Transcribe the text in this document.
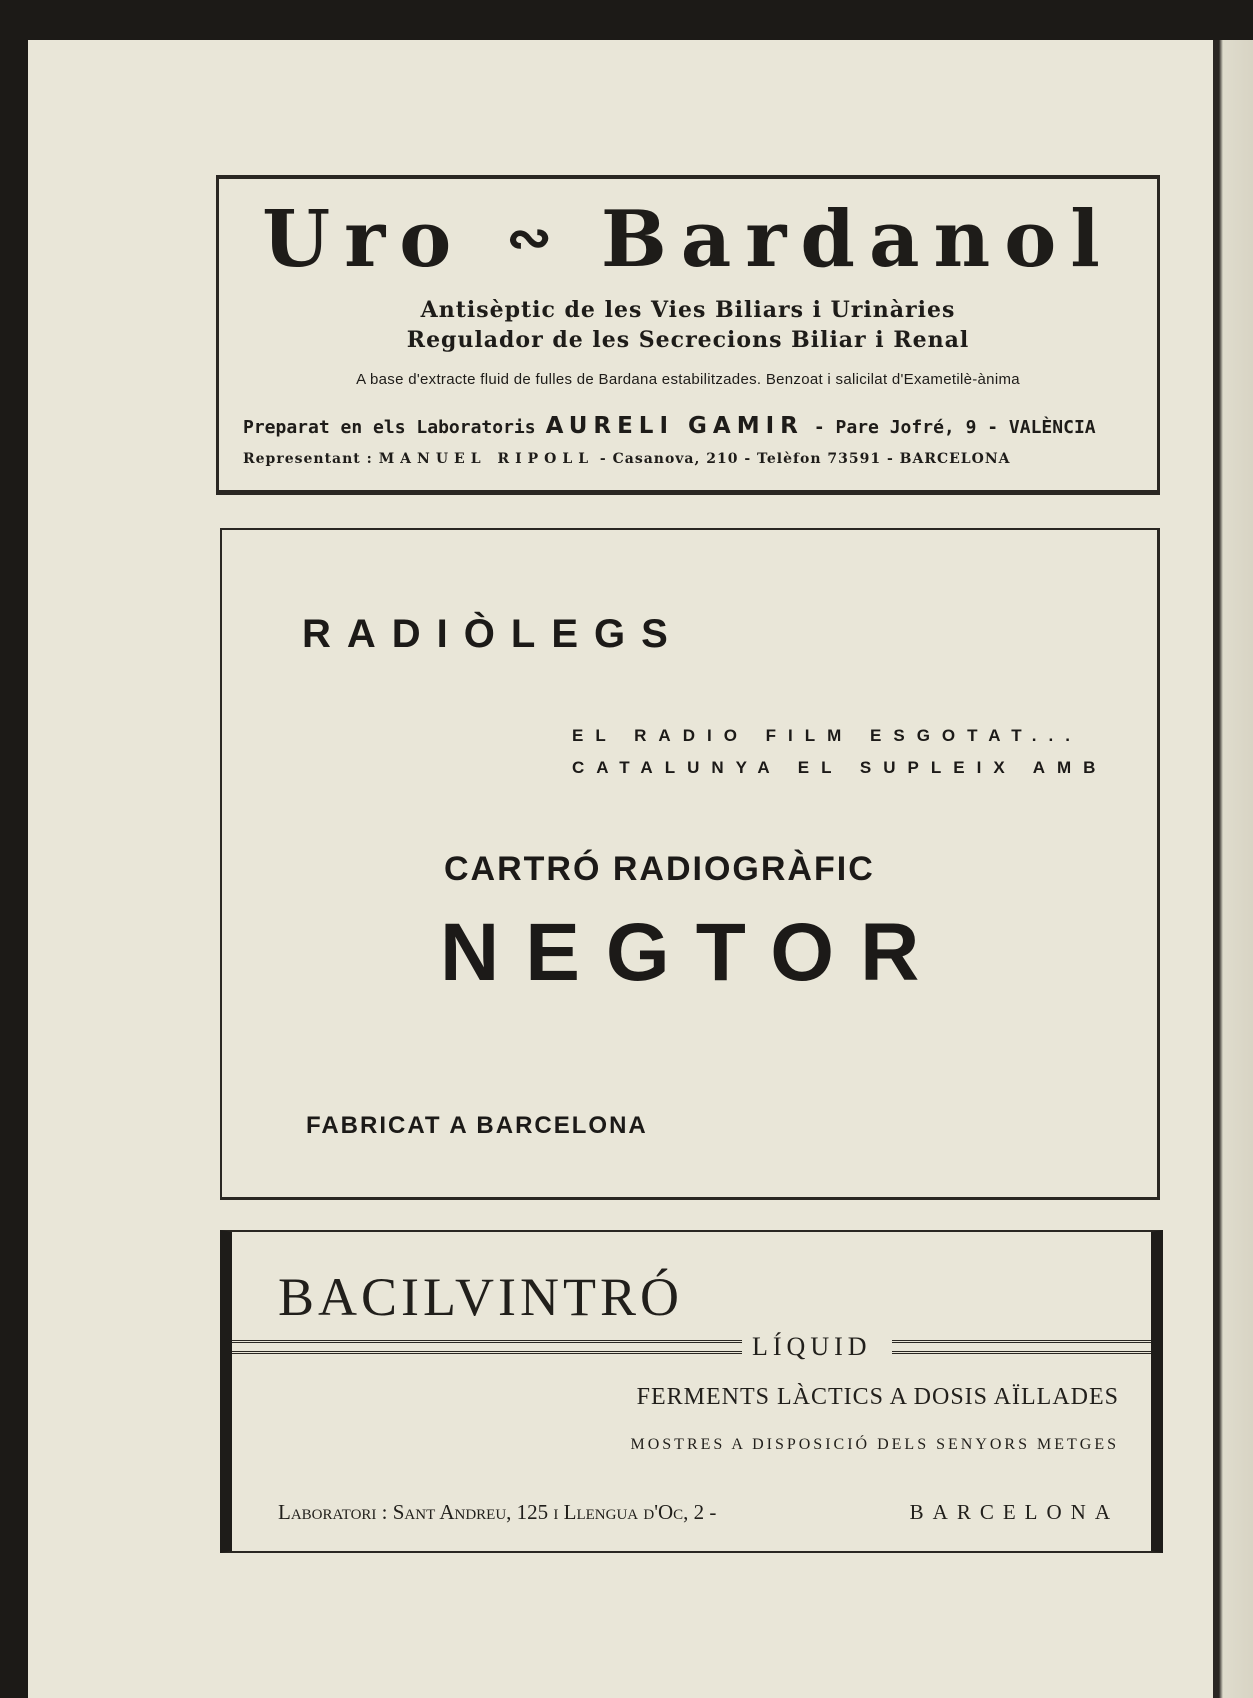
Uro ∾ Bardanol
Antisèptic de les Vies Biliars i Urinàries
Regulador de les Secrecions Biliar i Renal
A base d'extracte fluid de fulles de Bardana estabilitzades. Benzoat i salicilat d'Exametilè-ànima
Preparat en els Laboratoris AURELI GAMIR - Pare Jofré, 9 - VALÈNCIA
Representant : MANUEL RIPOLL - Casanova, 210 - Telèfon 73591 - BARCELONA
RADIÒLEGS
EL RADIO FILM ESGOTAT...
CATALUNYA EL SUPLEIX AMB
CARTRÓ RADIOGRÀFIC
NEGTOR
FABRICAT A BARCELONA
BACILVINTRÓ
LÍQUID
FERMENTS LÀCTICS A DOSIS AÏLLADES
MOSTRES A DISPOSICIÓ DELS SENYORS METGES
Laboratori : Sant Andreu, 125 i Llengua d'Oc, 2 -	BARCELONA
